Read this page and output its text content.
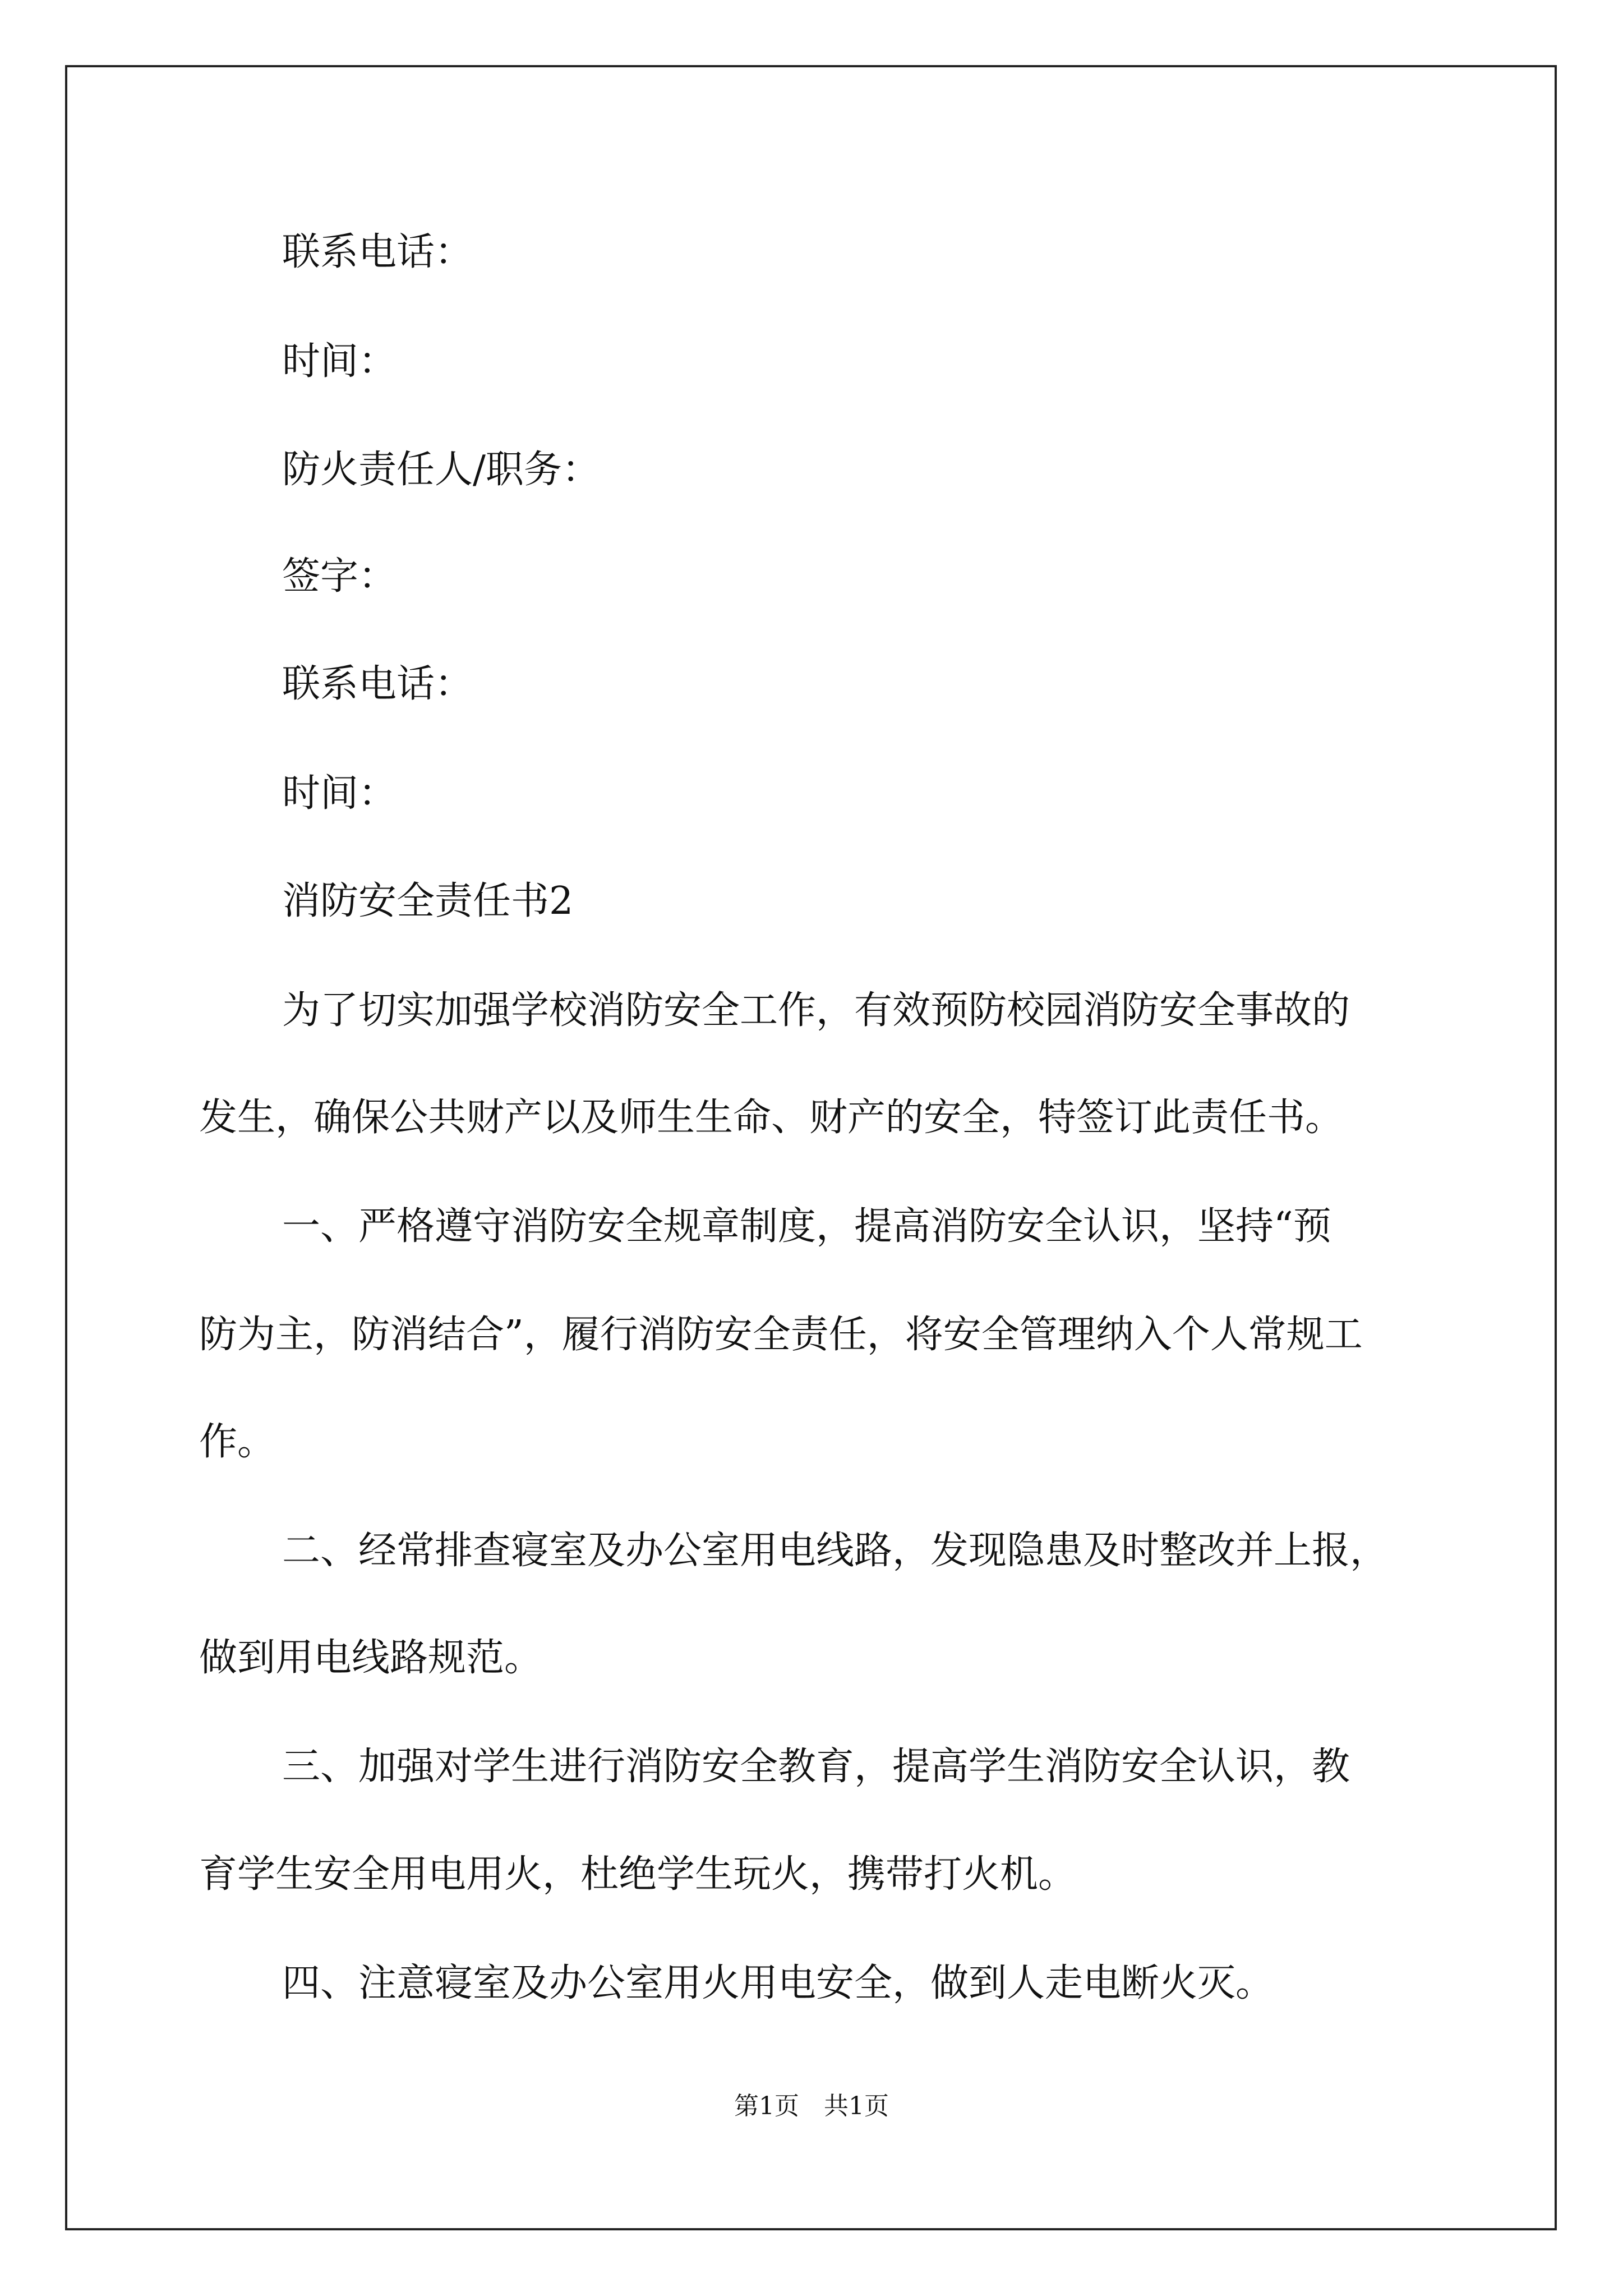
联系电话：
时间：
防火责任人/职务：
签字：
联系电话：
时间：
消防安全责任书2
为了切实加强学校消防安全工作，有效预防校园消防安全事故的
发生，确保公共财产以及师生生命、财产的安全，特签订此责任书。
一、严格遵守消防安全规章制度，提高消防安全认识，坚持“预
防为主，防消结合”，履行消防安全责任，将安全管理纳入个人常规工
作。
二、经常排查寝室及办公室用电线路，发现隐患及时整改并上报，
做到用电线路规范。
三、加强对学生进行消防安全教育，提高学生消防安全认识，教
育学生安全用电用火，杜绝学生玩火，携带打火机。
四、注意寝室及办公室用火用电安全，做到人走电断火灭。
第1页　共1页
